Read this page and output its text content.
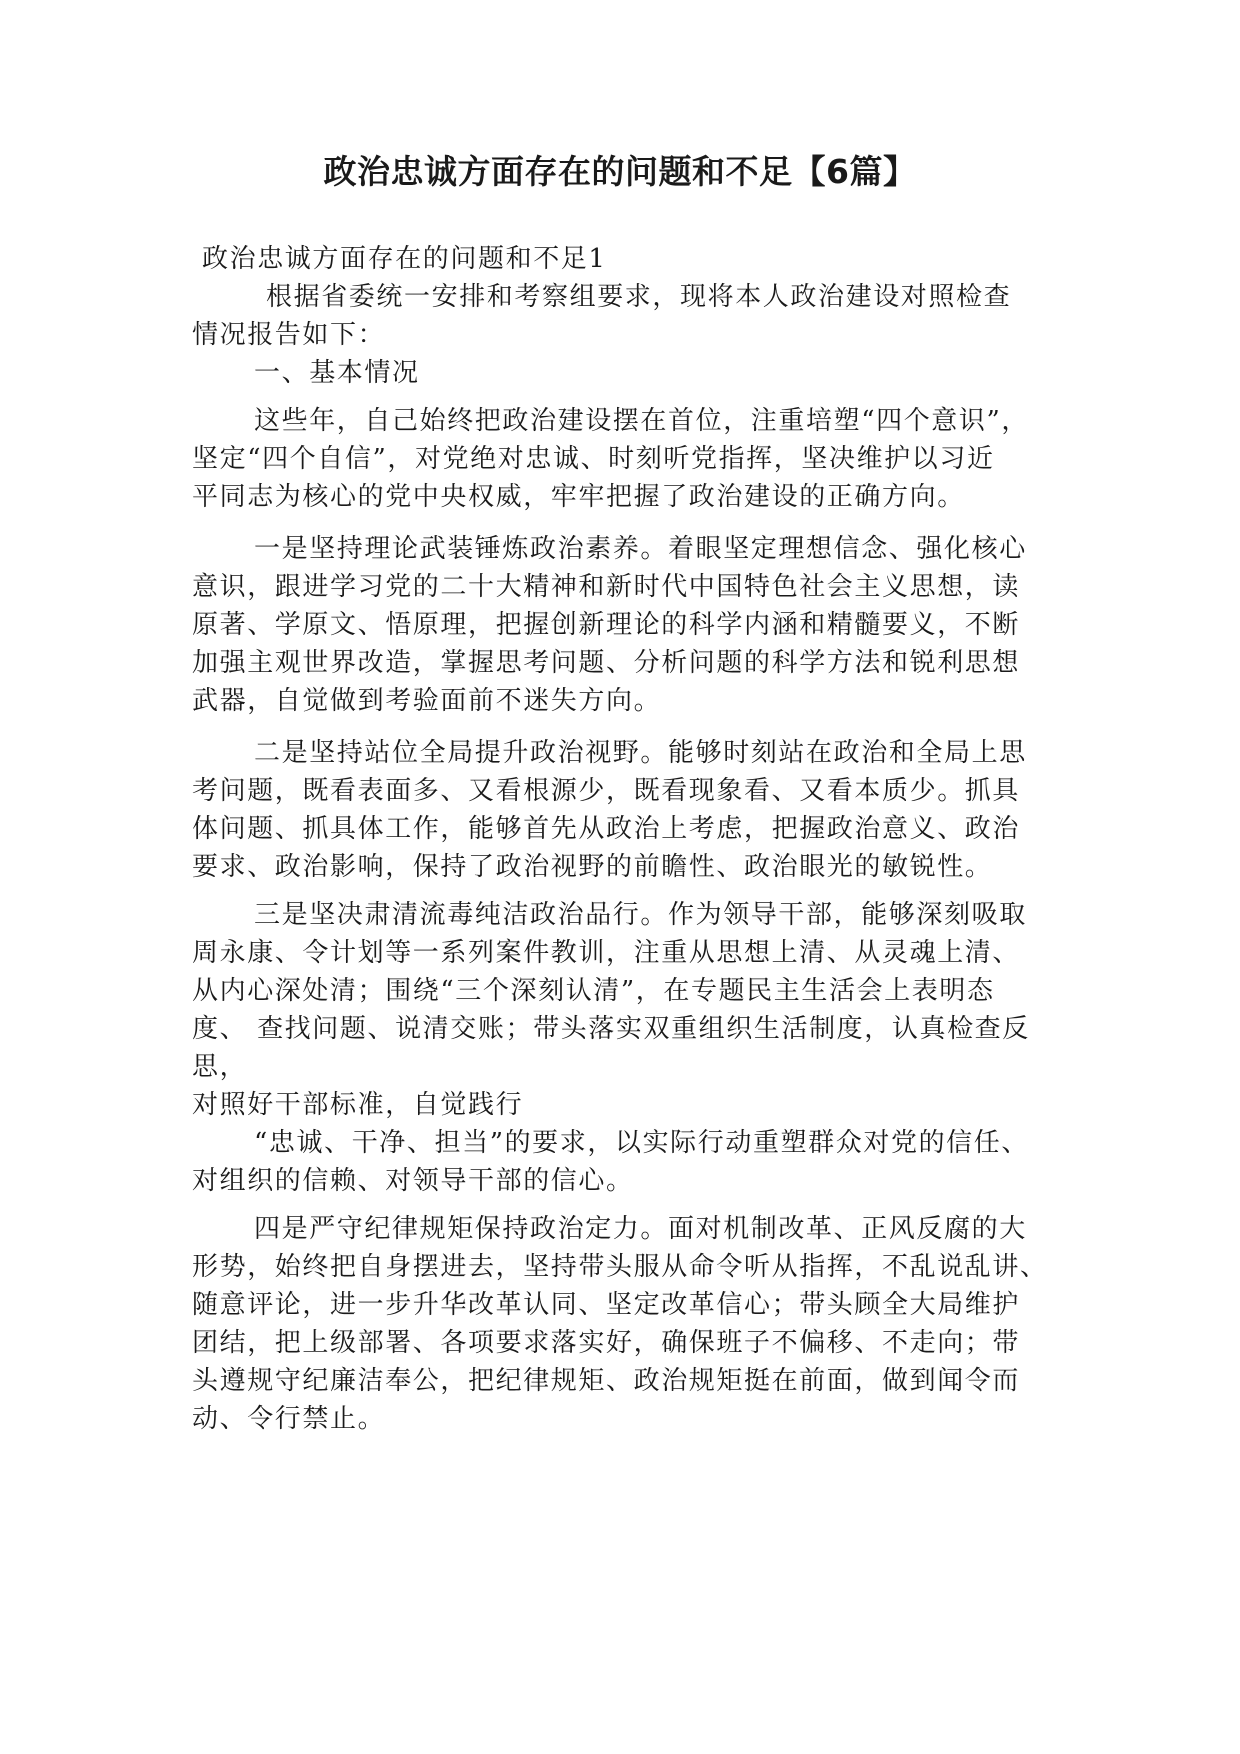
政治忠诚方面存在的问题和不足【6篇】
政治忠诚方面存在的问题和不足1
根据省委统一安排和考察组要求，现将本人政治建设对照检查
情况报告如下：
一、基本情况
这些年，自己始终把政治建设摆在首位，注重培塑“四个意识”，
坚定“四个自信”，对党绝对忠诚、时刻听党指挥，坚决维护以习近
平同志为核心的党中央权威，牢牢把握了政治建设的正确方向。
一是坚持理论武装锤炼政治素养。着眼坚定理想信念、强化核心
意识，跟进学习党的二十大精神和新时代中国特色社会主义思想，读
原著、学原文、悟原理，把握创新理论的科学内涵和精髓要义，不断
加强主观世界改造，掌握思考问题、分析问题的科学方法和锐利思想
武器，自觉做到考验面前不迷失方向。
二是坚持站位全局提升政治视野。能够时刻站在政治和全局上思
考问题，既看表面多、又看根源少，既看现象看、又看本质少。抓具
体问题、抓具体工作，能够首先从政治上考虑，把握政治意义、政治
要求、政治影响，保持了政治视野的前瞻性、政治眼光的敏锐性。
三是坚决肃清流毒纯洁政治品行。作为领导干部，能够深刻吸取
周永康、令计划等一系列案件教训，注重从思想上清、从灵魂上清、
从内心深处清；围绕“三个深刻认清”，在专题民主生活会上表明态
度、 查找问题、说清交账；带头落实双重组织生活制度，认真检查反
思，
对照好干部标准，自觉践行
“忠诚、干净、担当”的要求，以实际行动重塑群众对党的信任、
对组织的信赖、对领导干部的信心。
四是严守纪律规矩保持政治定力。面对机制改革、正风反腐的大
形势，始终把自身摆进去，坚持带头服从命令听从指挥，不乱说乱讲、
随意评论，进一步升华改革认同、坚定改革信心；带头顾全大局维护
团结，把上级部署、各项要求落实好，确保班子不偏移、不走向；带
头遵规守纪廉洁奉公，把纪律规矩、政治规矩挺在前面，做到闻令而
动、令行禁止。
